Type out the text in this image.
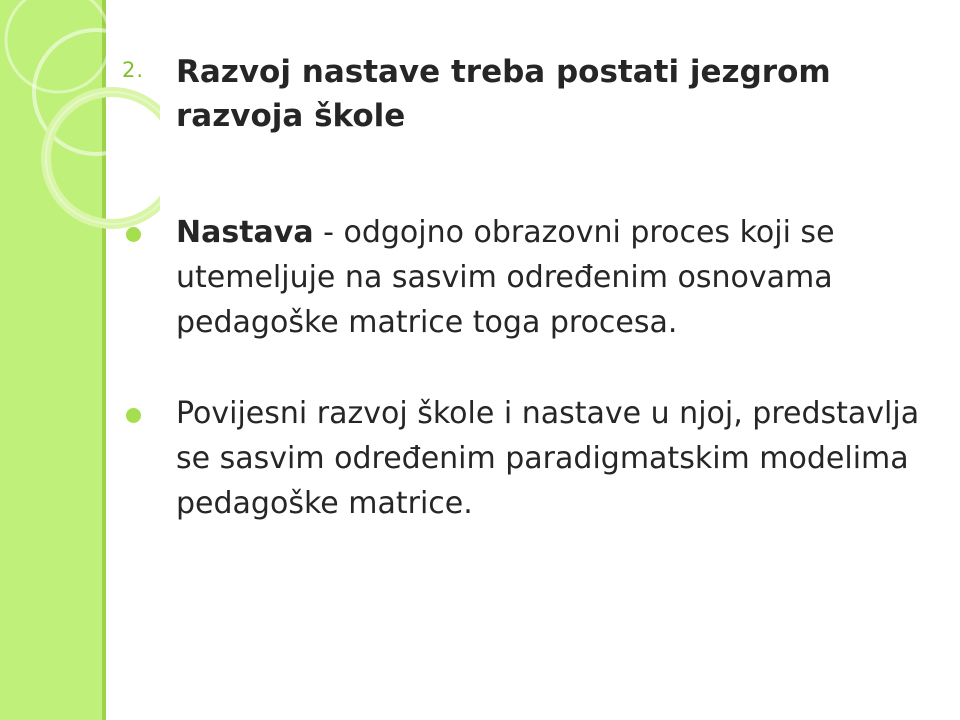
2. Razvoj nastave treba postati jezgrom razvoja škole

Nastava - odgojno obrazovni proces koji se utemeljuje na sasvim određenim osnovama pedagoške matrice toga procesa.

Povijesni razvoj škole i nastave u njoj, predstavlja se sasvim određenim paradigmatskim modelima pedagoške matrice.
